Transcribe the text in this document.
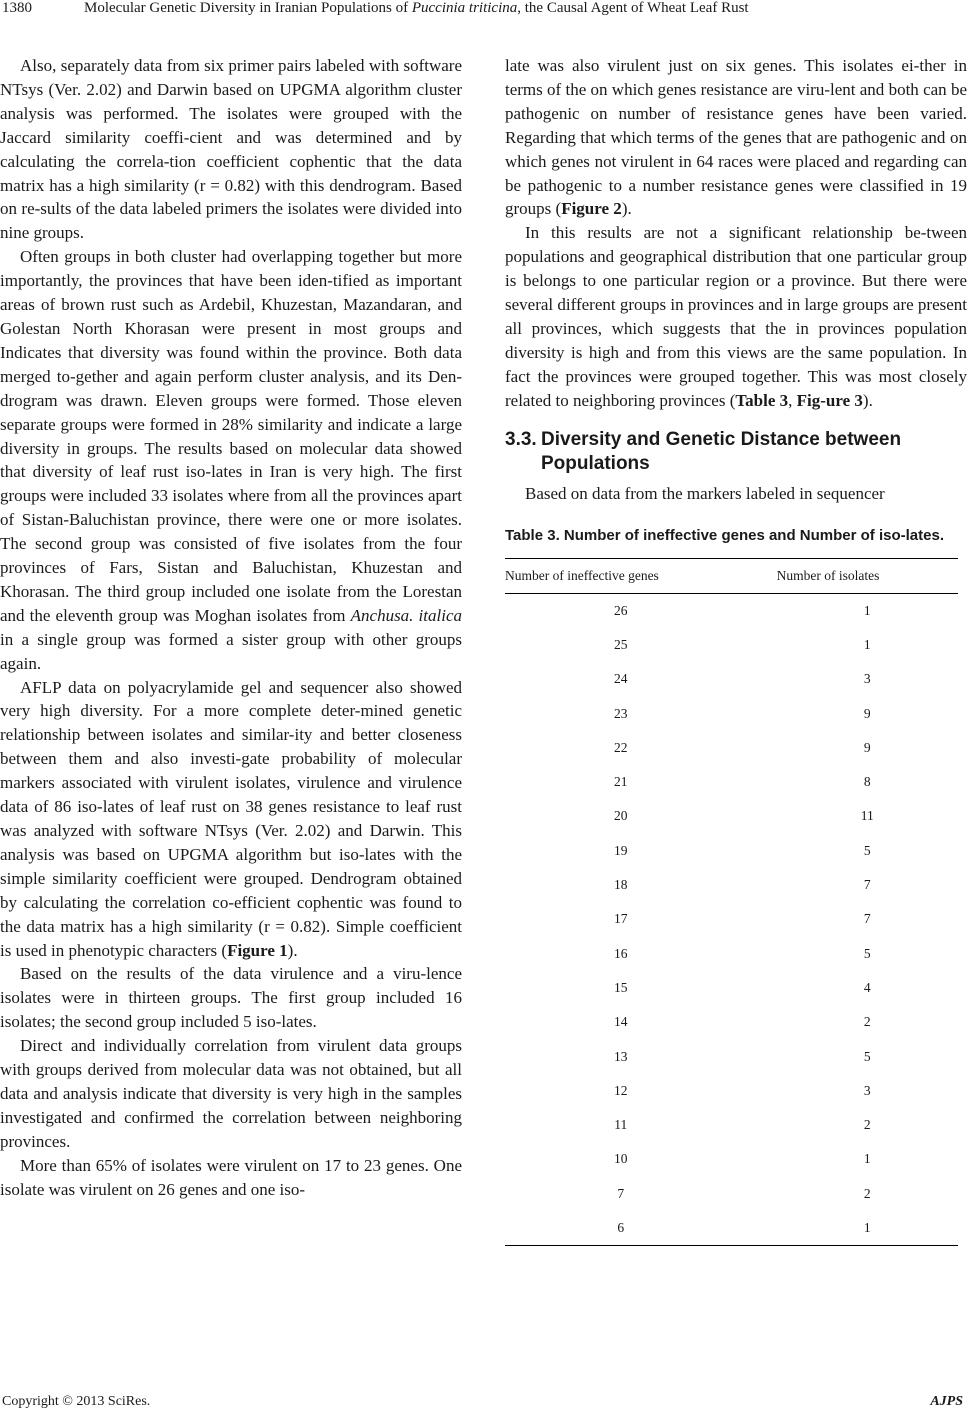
1380	Molecular Genetic Diversity in Iranian Populations of Puccinia triticina, the Causal Agent of Wheat Leaf Rust

Also, separately data from six primer pairs labeled with software NTsys (Ver. 2.02) and Darwin based on UPGMA algorithm cluster analysis was performed. The isolates were grouped with the Jaccard similarity coeffi-cient and was determined and by calculating the correla-tion coefficient cophentic that the data matrix has a high similarity (r = 0.82) with this dendrogram. Based on re-sults of the data labeled primers the isolates were divided into nine groups.

Often groups in both cluster had overlapping together but more importantly, the provinces that have been iden-tified as important areas of brown rust such as Ardebil, Khuzestan, Mazandaran, and Golestan North Khorasan were present in most groups and Indicates that diversity was found within the province. Both data merged to-gether and again perform cluster analysis, and its Den-drogram was drawn. Eleven groups were formed. Those eleven separate groups were formed in 28% similarity and indicate a large diversity in groups. The results based on molecular data showed that diversity of leaf rust iso-lates in Iran is very high. The first groups were included 33 isolates where from all the provinces apart of Sistan-Baluchistan province, there were one or more isolates. The second group was consisted of five isolates from the four provinces of Fars, Sistan and Baluchistan, Khuzestan and Khorasan. The third group included one isolate from the Lorestan and the eleventh group was Moghan isolates from Anchusa. italica in a single group was formed a sister group with other groups again.

AFLP data on polyacrylamide gel and sequencer also showed very high diversity. For a more complete deter-mined genetic relationship between isolates and similar-ity and better closeness between them and also investi-gate probability of molecular markers associated with virulent isolates, virulence and virulence data of 86 iso-lates of leaf rust on 38 genes resistance to leaf rust was analyzed with software NTsys (Ver. 2.02) and Darwin. This analysis was based on UPGMA algorithm but iso-lates with the simple similarity coefficient were grouped. Dendrogram obtained by calculating the correlation co-efficient cophentic was found to the data matrix has a high similarity (r = 0.82). Simple coefficient is used in phenotypic characters (Figure 1).

Based on the results of the data virulence and a viru-lence isolates were in thirteen groups. The first group included 16 isolates; the second group included 5 iso-lates.

Direct and individually correlation from virulent data groups with groups derived from molecular data was not obtained, but all data and analysis indicate that diversity is very high in the samples investigated and confirmed the correlation between neighboring provinces.

More than 65% of isolates were virulent on 17 to 23 genes. One isolate was virulent on 26 genes and one iso-

late was also virulent just on six genes. This isolates ei-ther in terms of the on which genes resistance are viru-lent and both can be pathogenic on number of resistance genes have been varied. Regarding that which terms of the genes that are pathogenic and on which genes not virulent in 64 races were placed and regarding can be pathogenic to a number resistance genes were classified in 19 groups (Figure 2).

In this results are not a significant relationship be-tween populations and geographical distribution that one particular group is belongs to one particular region or a province. But there were several different groups in provinces and in large groups are present all provinces, which suggests that the in provinces population diversity is high and from this views are the same population. In fact the provinces were grouped together. This was most closely related to neighboring provinces (Table 3, Fig-ure 3).

3.3. Diversity and Genetic Distance between
Populations

Based on data from the markers labeled in sequencer

Table 3. Number of ineffective genes and Number of iso-lates.
Number of ineffective genes	Number of isolates
26	1
25	1
24	3
23	9
22	9
21	8
20	11
19	5
18	7
17	7
16	5
15	4
14	2
13	5
12	3
11	2
10	1
7	2
6	1
Copyright © 2013 SciRes.	AJPS
